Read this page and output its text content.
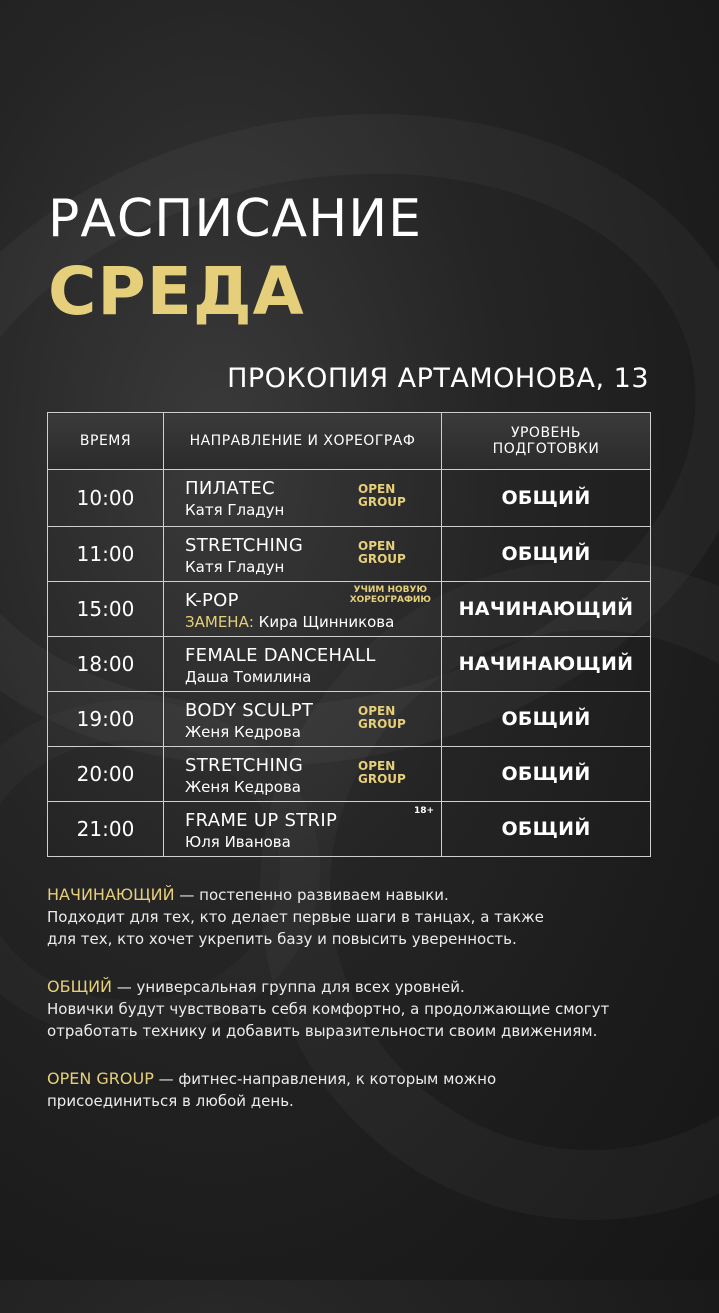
РАСПИСАНИЕ
СРЕДА
ПРОКОПИЯ АРТАМОНОВА, 13
ВРЕМЯ	НАПРАВЛЕНИЕ И ХОРЕОГРАФ	УРОВЕНЬ
ПОДГОТОВКИ

10:00	ПИЛАТЕС
Катя Гладун
OPEN
GROUP	ОБЩИЙ
11:00	STRETCHING
Катя Гладун
OPEN
GROUP	ОБЩИЙ
15:00	K-POP
ЗАМЕНА: Кира Щинникова
УЧИМ НОВУЮ
ХОРЕОГРАФИЮ	НАЧИНАЮЩИЙ
18:00	FEMALE DANCEHALL
Даша Томилина	НАЧИНАЮЩИЙ
19:00	BODY SCULPT
Женя Кедрова
OPEN
GROUP	ОБЩИЙ
20:00	STRETCHING
Женя Кедрова
OPEN
GROUP	ОБЩИЙ
21:00	FRAME UP STRIP
Юля Иванова
18+	ОБЩИЙ

НАЧИНАЮЩИЙ — постепенно развиваем навыки.
Подходит для тех, кто делает первые шаги в танцах, а также
для тех, кто хочет укрепить базу и повысить уверенность.

ОБЩИЙ — универсальная группа для всех уровней.
Новички будут чувствовать себя комфортно, а продолжающие смогут
отработать технику и добавить выразительности своим движениям.

OPEN GROUP — фитнес-направления, к которым можно
присоединиться в любой день.
